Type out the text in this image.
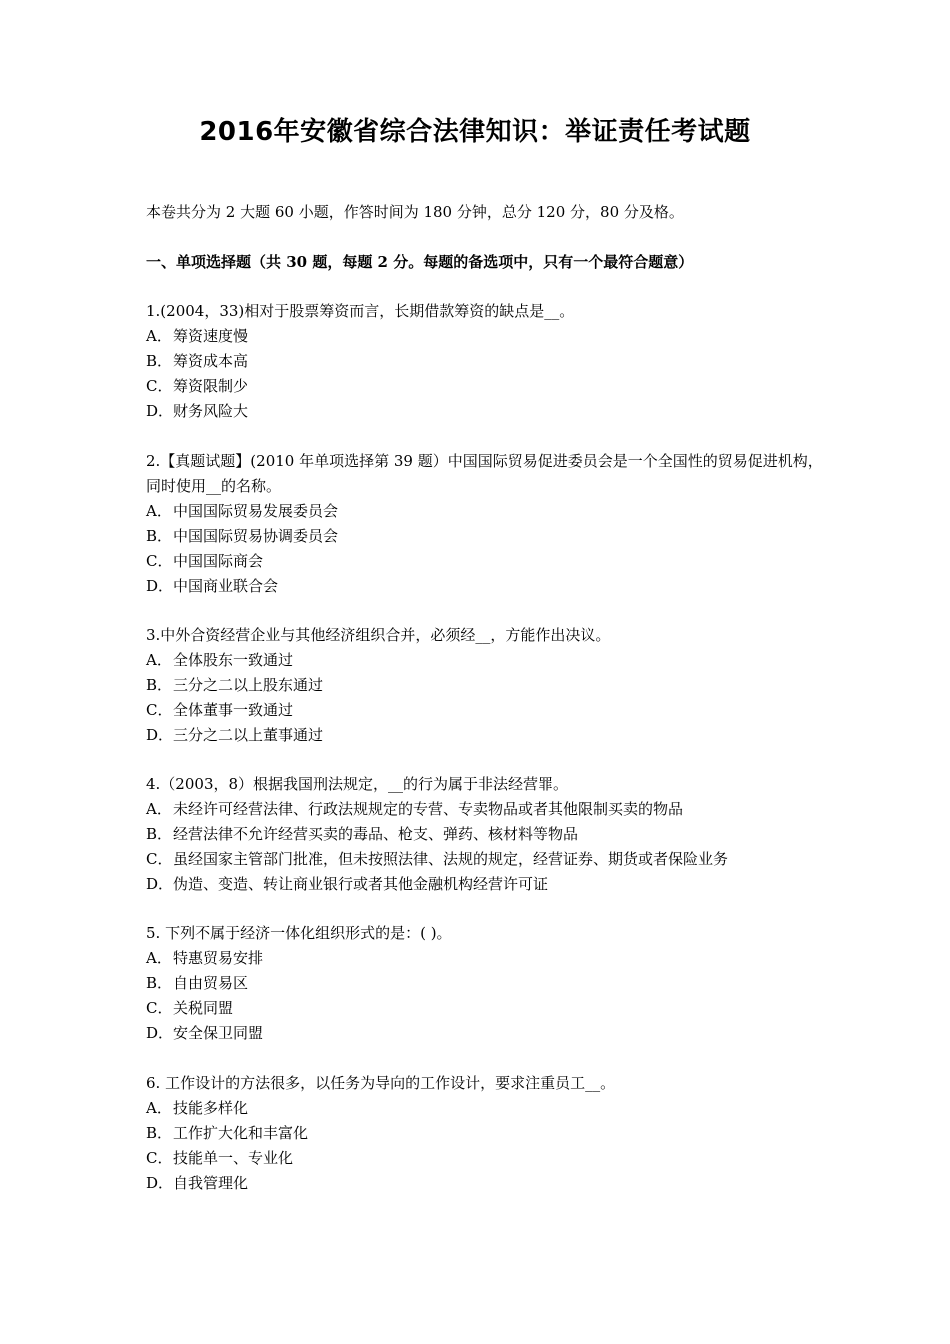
2016年安徽省综合法律知识：举证责任考试题
本卷共分为 2 大题 60 小题，作答时间为 180 分钟，总分 120 分，80 分及格。
一、单项选择题（共 30 题，每题 2 分。每题的备选项中，只有一个最符合题意）
1.(2004，33)相对于股票筹资而言，长期借款筹资的缺点是__。
A．筹资速度慢
B．筹资成本高
C．筹资限制少
D．财务风险大
2.【真题试题】(2010 年单项选择第 39 题）中国国际贸易促进委员会是一个全国性的贸易促进机构，同时使用__的名称。
A．中国国际贸易发展委员会
B．中国国际贸易协调委员会
C．中国国际商会
D．中国商业联合会
3.中外合资经营企业与其他经济组织合并，必须经__，方能作出决议。
A．全体股东一致通过
B．三分之二以上股东通过
C．全体董事一致通过
D．三分之二以上董事通过
4.（2003，8）根据我国刑法规定，__的行为属于非法经营罪。
A．未经许可经营法律、行政法规规定的专营、专卖物品或者其他限制买卖的物品
B．经营法律不允许经营买卖的毒品、枪支、弹药、核材料等物品
C．虽经国家主管部门批准，但未按照法律、法规的规定，经营证券、期货或者保险业务
D．伪造、变造、转让商业银行或者其他金融机构经营许可证
5. 下列不属于经济一体化组织形式的是：( )。
A．特惠贸易安排
B．自由贸易区
C．关税同盟
D．安全保卫同盟
6. 工作设计的方法很多，以任务为导向的工作设计，要求注重员工__。
A．技能多样化
B．工作扩大化和丰富化
C．技能单一、专业化
D．自我管理化
